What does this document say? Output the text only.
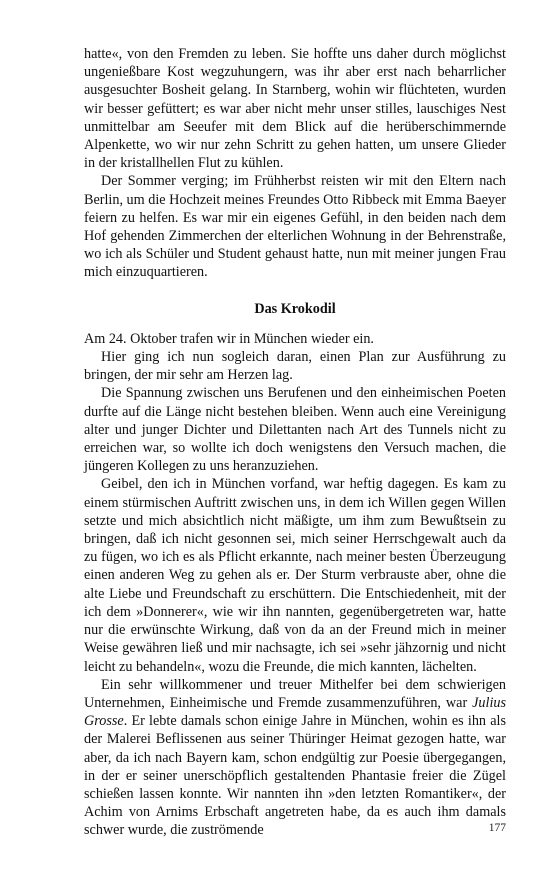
hatte«, von den Fremden zu leben. Sie hoffte uns daher durch möglichst ungenießbare Kost wegzuhungern, was ihr aber erst nach beharrlicher ausgesuchter Bosheit gelang. In Starnberg, wohin wir flüchteten, wurden wir besser gefüttert; es war aber nicht mehr unser stilles, lauschiges Nest unmittelbar am Seeufer mit dem Blick auf die herüberschimmernde Alpenkette, wo wir nur zehn Schritt zu gehen hatten, um unsere Glieder in der kristallhellen Flut zu kühlen.

Der Sommer verging; im Frühherbst reisten wir mit den Eltern nach Berlin, um die Hochzeit meines Freundes Otto Ribbeck mit Emma Baeyer feiern zu helfen. Es war mir ein eigenes Gefühl, in den beiden nach dem Hof gehenden Zimmerchen der elterlichen Wohnung in der Behrenstraße, wo ich als Schüler und Student gehaust hatte, nun mit meiner jungen Frau mich einzuquartieren.

Das Krokodil

Am 24. Oktober trafen wir in München wieder ein.

Hier ging ich nun sogleich daran, einen Plan zur Ausführung zu bringen, der mir sehr am Herzen lag.

Die Spannung zwischen uns Berufenen und den einheimischen Poeten durfte auf die Länge nicht bestehen bleiben. Wenn auch eine Vereinigung alter und junger Dichter und Dilettanten nach Art des Tunnels nicht zu erreichen war, so wollte ich doch wenigstens den Versuch machen, die jüngeren Kollegen zu uns heranzuziehen.

Geibel, den ich in München vorfand, war heftig dagegen. Es kam zu einem stürmischen Auftritt zwischen uns, in dem ich Willen gegen Willen setzte und mich absichtlich nicht mäßigte, um ihm zum Bewußtsein zu bringen, daß ich nicht gesonnen sei, mich seiner Herrschgewalt auch da zu fügen, wo ich es als Pflicht erkannte, nach meiner besten Überzeugung einen anderen Weg zu gehen als er. Der Sturm verbrauste aber, ohne die alte Liebe und Freundschaft zu erschüttern. Die Entschiedenheit, mit der ich dem »Donnerer«, wie wir ihn nannten, gegenübergetreten war, hatte nur die erwünschte Wirkung, daß von da an der Freund mich in meiner Weise gewähren ließ und mir nachsagte, ich sei »sehr jähzornig und nicht leicht zu behandeln«, wozu die Freunde, die mich kannten, lächelten.

Ein sehr willkommener und treuer Mithelfer bei dem schwierigen Unternehmen, Einheimische und Fremde zusammenzuführen, war Julius Grosse. Er lebte damals schon einige Jahre in München, wohin es ihn als der Malerei Beflissenen aus seiner Thüringer Heimat gezogen hatte, war aber, da ich nach Bayern kam, schon endgültig zur Poesie übergegangen, in der er seiner unerschöpflich gestaltenden Phantasie freier die Zügel schießen lassen konnte. Wir nannten ihn »den letzten Romantiker«, der Achim von Arnims Erbschaft angetreten habe, da es auch ihm damals schwer wurde, die zuströmende	177
